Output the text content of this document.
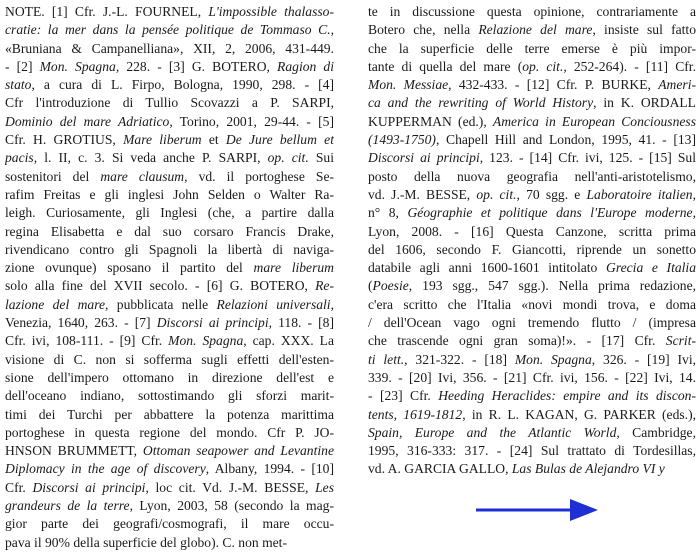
NOTE. [1] Cfr. J.-L. FOURNEL, L'impossible thalasso-
cratie: la mer dans la pensée politique de Tommaso C.,
«Bruniana & Campanelliana», XII, 2, 2006, 431-449.
- [2] Mon. Spagna, 228. - [3] G. BOTERO, Ragion di
stato, a cura di L. Firpo, Bologna, 1990, 298. - [4]
Cfr l'introduzione di Tullio Scovazzi a P. SARPI,
Dominio del mare Adriatico, Torino, 2001, 29-44. - [5]
Cfr. H. GROTIUS, Mare liberum et De Jure bellum et
pacis, l. II, c. 3. Si veda anche P. SARPI, op. cit. Sui
sostenitori del mare clausum, vd. il portoghese Se-
rafim Freitas e gli inglesi John Selden o Walter Ra-
leigh. Curiosamente, gli Inglesi (che, a partire dalla
regina Elisabetta e dal suo corsaro Francis Drake,
rivendicano contro gli Spagnoli la libertà di naviga-
zione ovunque) sposano il partito del mare liberum
solo alla fine del XVII secolo. - [6] G. BOTERO, Re-
lazione del mare, pubblicata nelle Relazioni universali,
Venezia, 1640, 263. - [7] Discorsi ai principi, 118. - [8]
Cfr. ivi, 108-111. - [9] Cfr. Mon. Spagna, cap. XXX. La
visione di C. non si sofferma sugli effetti dell'esten-
sione dell'impero ottomano in direzione dell'est e
dell'oceano indiano, sottostimando gli sforzi marit-
timi dei Turchi per abbattere la potenza marittima
portoghese in questa regione del mondo. Cfr P. JO-
HNSON BRUMMETT, Ottoman seapower and Levantine
Diplomacy in the age of discovery, Albany, 1994. - [10]
Cfr. Discorsi ai principi, loc cit. Vd. J.-M. BESSE, Les
grandeurs de la terre, Lyon, 2003, 58 (secondo la mag-
gior parte dei geografi/cosmografi, il mare occu-
pava il 90% della superficie del globo). C. non met-
te in discussione questa opinione, contrariamente a
Botero che, nella Relazione del mare, insiste sul fatto
che la superficie delle terre emerse è più impor-
tante di quella del mare (op. cit., 252-264). - [11] Cfr.
Mon. Messiae, 432-433. - [12] Cfr. P. BURKE, Ameri-
ca and the rewriting of World History, in K. ORDALL
KUPPERMAN (ed.), America in European Conciousness
(1493-1750), Chapell Hill and London, 1995, 41. - [13]
Discorsi ai principi, 123. - [14] Cfr. ivi, 125. - [15] Sul
posto della nuova geografia nell'anti-aristotelismo,
vd. J.-M. BESSE, op. cit., 70 sgg. e Laboratoire italien,
n° 8, Géographie et politique dans l'Europe moderne,
Lyon, 2008. - [16] Questa Canzone, scritta prima
del 1606, secondo F. Giancotti, riprende un sonetto
databile agli anni 1600-1601 intitolato Grecia e Italia
(Poesie, 193 sgg., 547 sgg.). Nella prima redazione,
c'era scritto che l'Italia «novi mondi trova, e doma
/ dell'Ocean vago ogni tremendo flutto / (impresa
che trascende ogni gran soma)!». - [17] Cfr. Scrit-
ti lett., 321-322. - [18] Mon. Spagna, 326. - [19] Ivi,
339. - [20] Ivi, 356. - [21] Cfr. ivi, 156. - [22] Ivi, 14.
- [23] Cfr. Heeding Heraclides: empire and its discon-
tents, 1619-1812, in R. L. KAGAN, G. PARKER (eds.),
Spain, Europe and the Atlantic World, Cambridge,
1995, 316-333: 317. - [24] Sul trattato di Tordesillas,
vd. A. GARCIA GALLO, Las Bulas de Alejandro VI y
